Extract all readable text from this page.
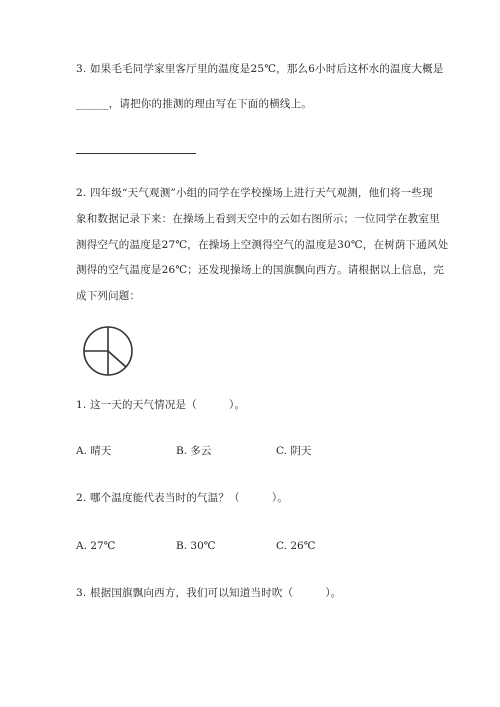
3. 如果毛毛同学家里客厅里的温度是25℃，那么6小时后这杯水的温度大概是
______，请把你的推测的理由写在下面的横线上。
2. 四年级“天气观测”小组的同学在学校操场上进行天气观测，他们将一些现
象和数据记录下来：在操场上看到天空中的云如右图所示；一位同学在教室里
测得空气的温度是27℃，在操场上空测得空气的温度是30℃，在树荫下通风处
测得的空气温度是26℃；还发现操场上的国旗飘向西方。请根据以上信息，完
成下列问题：
1. 这一天的天气情况是（　　　）。
A. 晴天	B. 多云	C. 阴天
2. 哪个温度能代表当时的气温？（　　　）。
A. 27℃	B. 30℃	C. 26℃
3. 根据国旗飘向西方，我们可以知道当时吹（　　　）。
